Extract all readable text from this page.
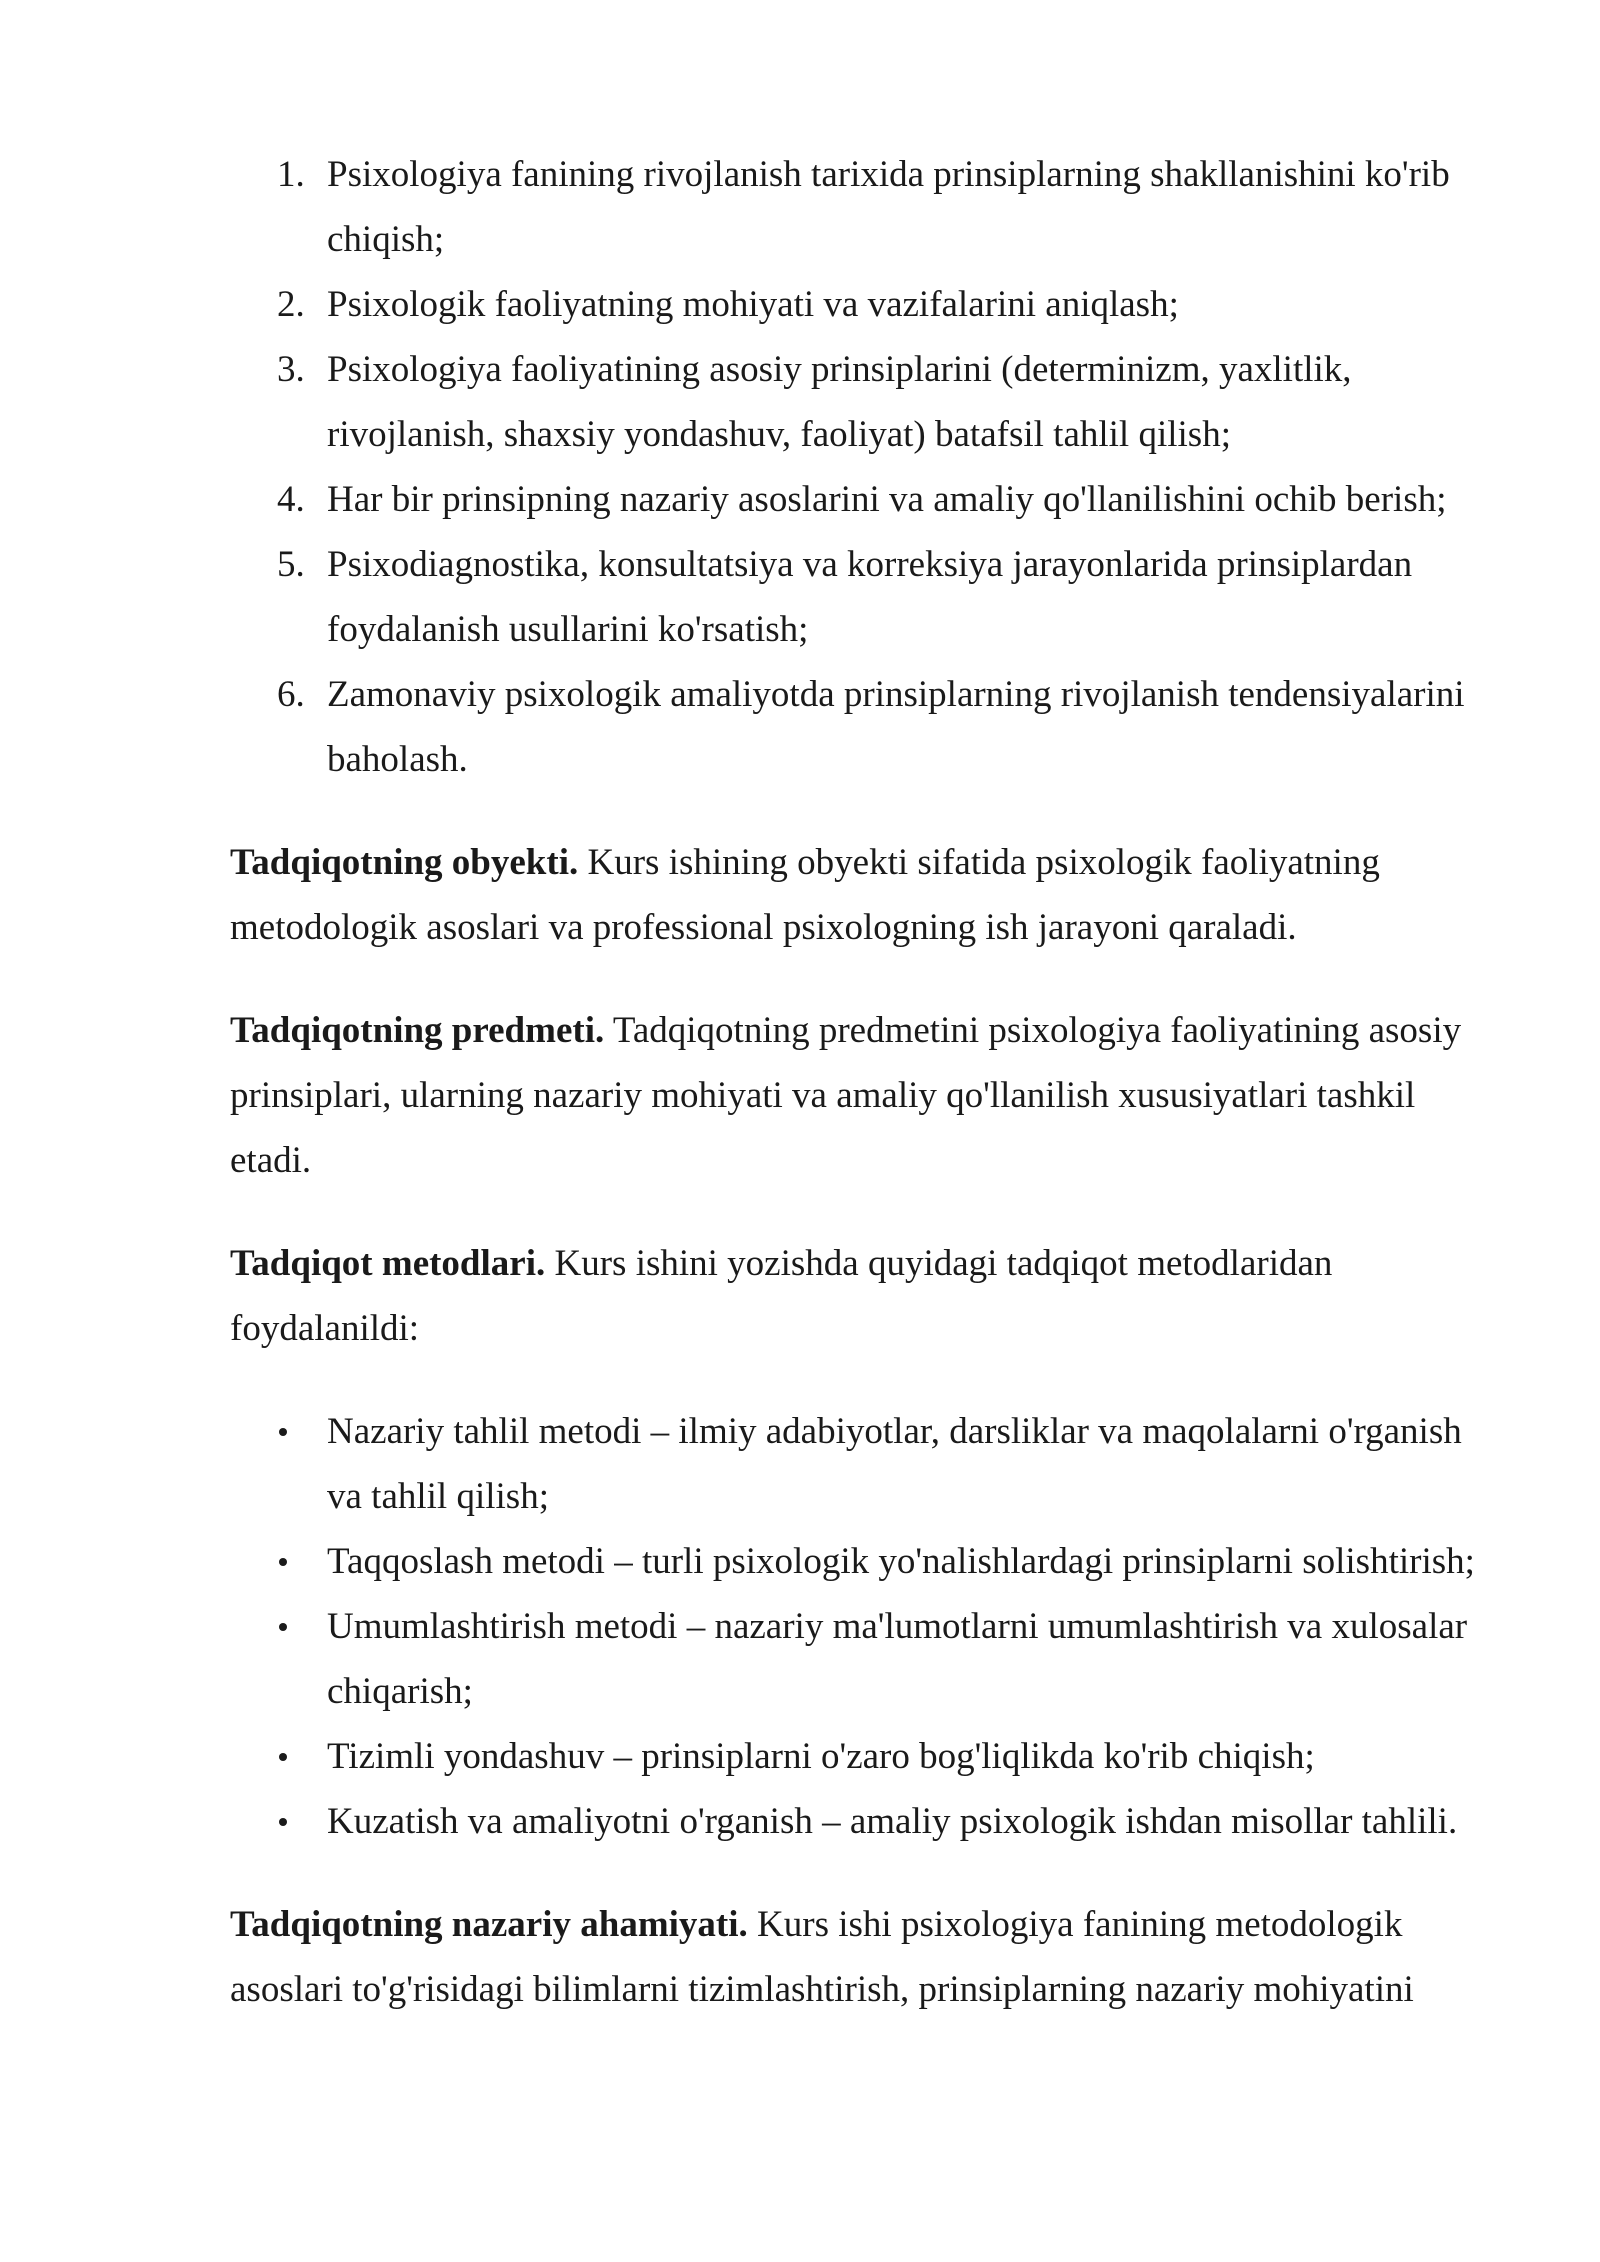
1. Psixologiya fanining rivojlanish tarixida prinsiplarning shakllanishini ko'rib chiqish;
2. Psixologik faoliyatning mohiyati va vazifalarini aniqlash;
3. Psixologiya faoliyatining asosiy prinsiplarini (determinizm, yaxlitlik, rivojlanish, shaxsiy yondashuv, faoliyat) batafsil tahlil qilish;
4. Har bir prinsipning nazariy asoslarini va amaliy qo'llanilishini ochib berish;
5. Psixodiagnostika, konsultatsiya va korreksiya jarayonlarida prinsiplardan foydalanish usullarini ko'rsatish;
6. Zamonaviy psixologik amaliyotda prinsiplarning rivojlanish tendensiyalarini baholash.

Tadqiqotning obyekti. Kurs ishining obyekti sifatida psixologik faoliyatning metodologik asoslari va professional psixologning ish jarayoni qaraladi.

Tadqiqotning predmeti. Tadqiqotning predmetini psixologiya faoliyatining asosiy prinsiplari, ularning nazariy mohiyati va amaliy qo'llanilish xususiyatlari tashkil etadi.

Tadqiqot metodlari. Kurs ishini yozishda quyidagi tadqiqot metodlaridan foydalanildi:

Nazariy tahlil metodi – ilmiy adabiyotlar, darsliklar va maqolalarni o'rganish va tahlil qilish;
Taqqoslash metodi – turli psixologik yo'nalishlardagi prinsiplarni solishtirish;
Umumlashtirish metodi – nazariy ma'lumotlarni umumlashtirish va xulosalar chiqarish;
Tizimli yondashuv – prinsiplarni o'zaro bog'liqlikda ko'rib chiqish;
Kuzatish va amaliyotni o'rganish – amaliy psixologik ishdan misollar tahlili.

Tadqiqotning nazariy ahamiyati. Kurs ishi psixologiya fanining metodologik asoslari to'g'risidagi bilimlarni tizimlashtirish, prinsiplarning nazariy mohiyatini
